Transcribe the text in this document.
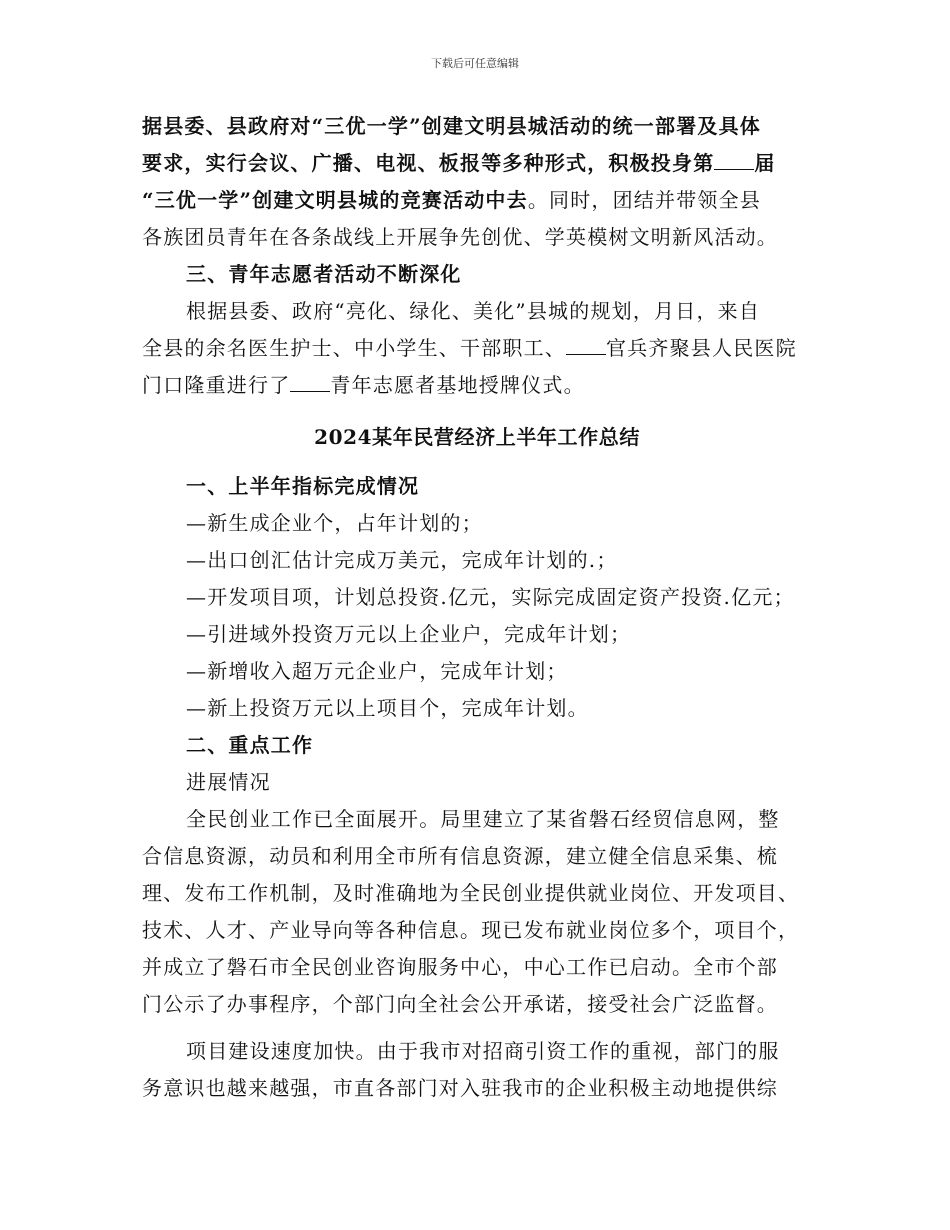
下载后可任意编辑
据县委、县政府对“三优一学”创建文明县城活动的统一部署及具体
要求，实行会议、广播、电视、板报等多种形式，积极投身第 届
“三优一学”创建文明县城的竞赛活动中去。同时，团结并带领全县
各族团员青年在各条战线上开展争先创优、学英模树文明新风活动。
三、青年志愿者活动不断深化
根据县委、政府“亮化、绿化、美化”县城的规划，月日，来自
全县的余名医生护士、中小学生、干部职工、 官兵齐聚县人民医院
门口隆重进行了 青年志愿者基地授牌仪式。
2024某年民营经济上半年工作总结
一、上半年指标完成情况
—新生成企业个，占年计划的；
—出口创汇估计完成万美元，完成年计划的.；
—开发项目项，计划总投资.亿元，实际完成固定资产投资.亿元；
—引进域外投资万元以上企业户，完成年计划；
—新增收入超万元企业户，完成年计划；
—新上投资万元以上项目个，完成年计划。
二、重点工作
进展情况
全民创业工作已全面展开。局里建立了某省磐石经贸信息网，整
合信息资源，动员和利用全市所有信息资源，建立健全信息采集、梳
理、发布工作机制，及时准确地为全民创业提供就业岗位、开发项目、
技术、人才、产业导向等各种信息。现已发布就业岗位多个，项目个，
并成立了磐石市全民创业咨询服务中心，中心工作已启动。全市个部
门公示了办事程序，个部门向全社会公开承诺，接受社会广泛监督。
项目建设速度加快。由于我市对招商引资工作的重视，部门的服
务意识也越来越强，市直各部门对入驻我市的企业积极主动地提供综
